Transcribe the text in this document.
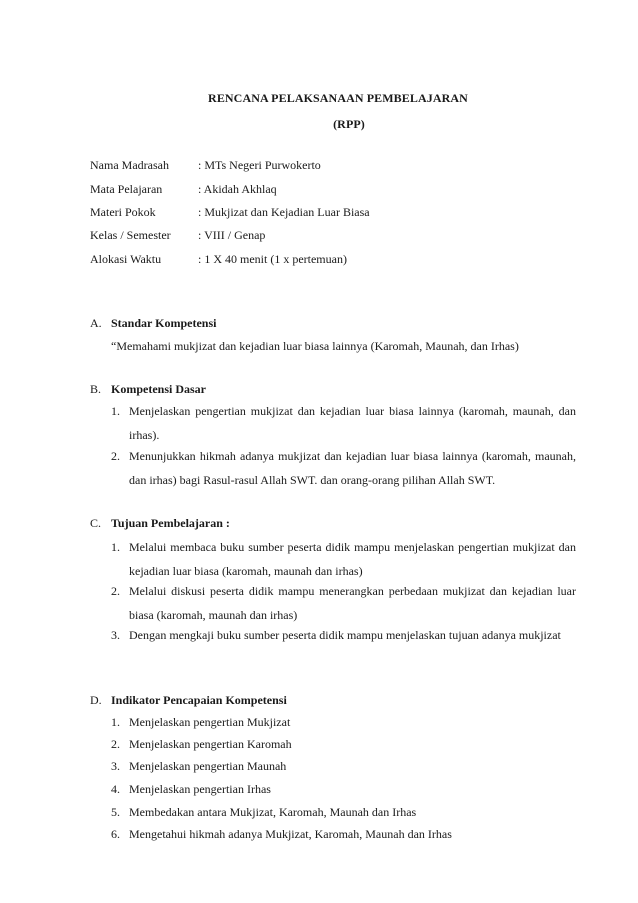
RENCANA PELAKSANAAN PEMBELAJARAN
(RPP)
Nama Madrasah	: MTs Negeri Purwokerto
Mata Pelajaran	: Akidah Akhlaq
Materi Pokok	: Mukjizat dan Kejadian Luar Biasa
Kelas / Semester	: VIII / Genap
Alokasi Waktu	: 1 X 40 menit (1 x pertemuan)
A. Standar Kompetensi
“Memahami mukjizat dan kejadian luar biasa lainnya (Karomah, Maunah, dan Irhas)
B. Kompetensi Dasar
1. Menjelaskan pengertian mukjizat dan kejadian luar biasa lainnya (karomah, maunah, dan irhas).
2. Menunjukkan hikmah adanya mukjizat dan kejadian luar biasa lainnya (karomah, maunah, dan irhas) bagi Rasul-rasul Allah SWT. dan orang-orang pilihan Allah SWT.
C. Tujuan Pembelajaran :
1. Melalui membaca buku sumber peserta didik mampu menjelaskan pengertian mukjizat dan kejadian luar biasa (karomah, maunah dan irhas)
2. Melalui diskusi peserta didik mampu menerangkan perbedaan mukjizat dan kejadian luar biasa (karomah, maunah dan irhas)
3. Dengan mengkaji buku sumber peserta didik mampu menjelaskan tujuan adanya mukjizat
D. Indikator Pencapaian Kompetensi
1. Menjelaskan pengertian Mukjizat
2. Menjelaskan pengertian Karomah
3. Menjelaskan pengertian Maunah
4. Menjelaskan pengertian Irhas
5. Membedakan antara Mukjizat, Karomah, Maunah dan Irhas
6. Mengetahui hikmah adanya Mukjizat, Karomah, Maunah dan Irhas
